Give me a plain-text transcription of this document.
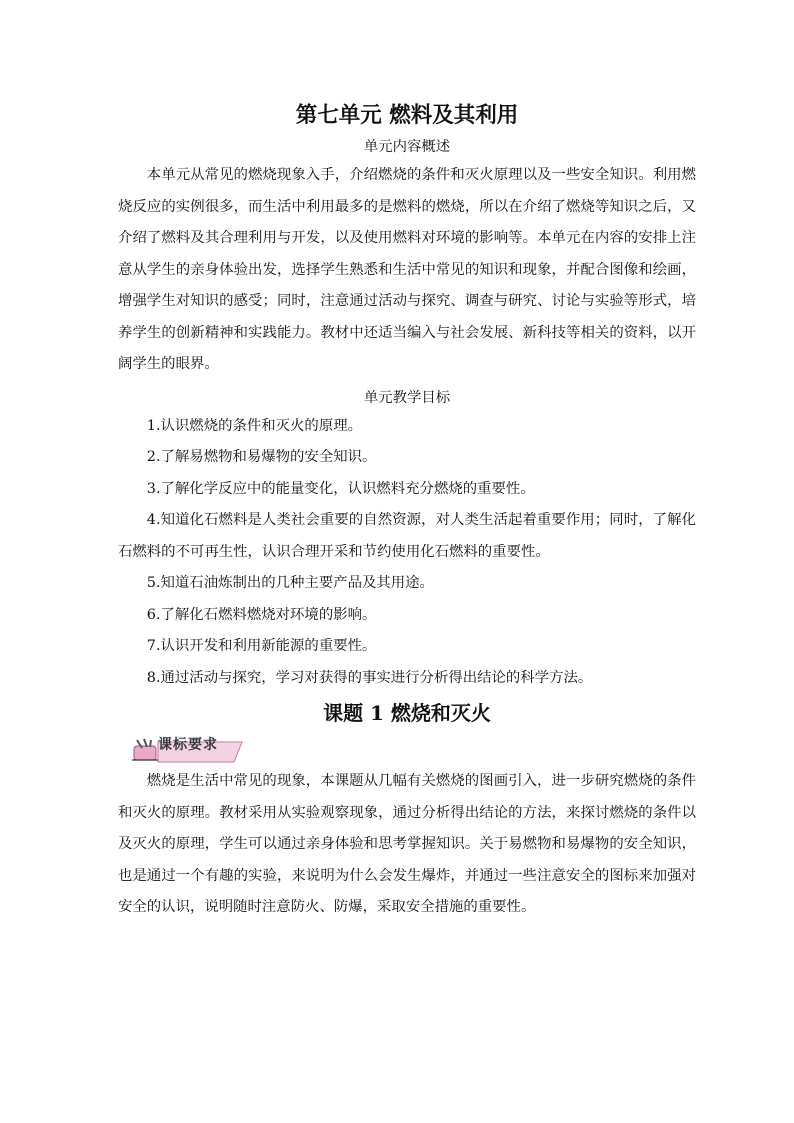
第七单元 燃料及其利用

单元内容概述

本单元从常见的燃烧现象入手，介绍燃烧的条件和灭火原理以及一些安全知识。利用燃烧反应的实例很多，而生活中利用最多的是燃料的燃烧，所以在介绍了燃烧等知识之后，又介绍了燃料及其合理利用与开发，以及使用燃料对环境的影响等。本单元在内容的安排上注意从学生的亲身体验出发，选择学生熟悉和生活中常见的知识和现象，并配合图像和绘画，增强学生对知识的感受；同时，注意通过活动与探究、调查与研究、讨论与实验等形式，培养学生的创新精神和实践能力。教材中还适当编入与社会发展、新科技等相关的资料，以开阔学生的眼界。

单元教学目标

1.认识燃烧的条件和灭火的原理。

2.了解易燃物和易爆物的安全知识。

3.了解化学反应中的能量变化，认识燃料充分燃烧的重要性。

4.知道化石燃料是人类社会重要的自然资源，对人类生活起着重要作用；同时，了解化石燃料的不可再生性，认识合理开采和节约使用化石燃料的重要性。

5.知道石油炼制出的几种主要产品及其用途。

6.了解化石燃料燃烧对环境的影响。

7.认识开发和利用新能源的重要性。

8.通过活动与探究，学习对获得的事实进行分析得出结论的科学方法。

课题 1 燃烧和灭火
课标要求

燃烧是生活中常见的现象，本课题从几幅有关燃烧的图画引入，进一步研究燃烧的条件和灭火的原理。教材采用从实验观察现象，通过分析得出结论的方法，来探讨燃烧的条件以及灭火的原理，学生可以通过亲身体验和思考掌握知识。关于易燃物和易爆物的安全知识，也是通过一个有趣的实验，来说明为什么会发生爆炸，并通过一些注意安全的图标来加强对安全的认识，说明随时注意防火、防爆，采取安全措施的重要性。
